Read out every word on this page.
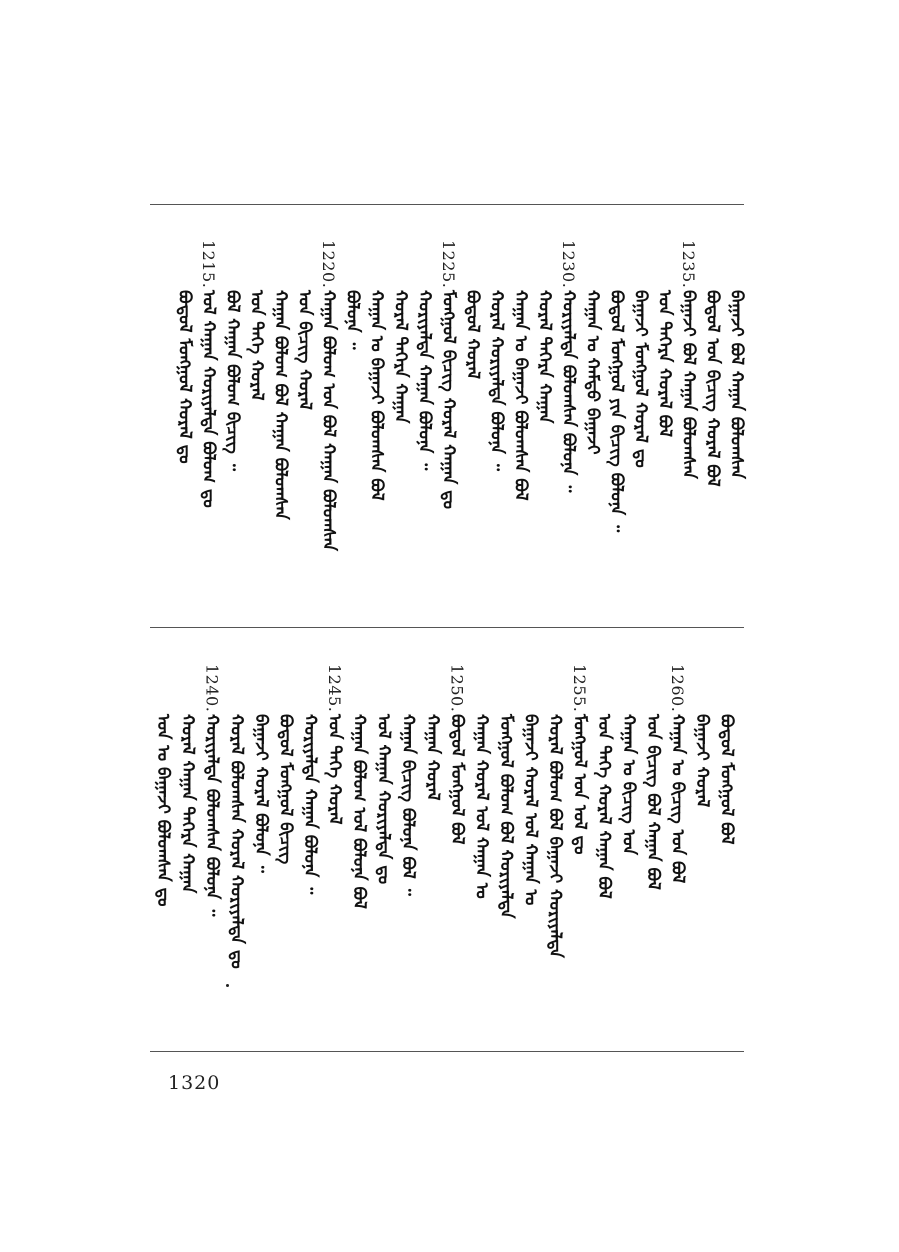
ᠪᠠᠭᠠᠵᠢ ᠪᠣᠯ ᠬᠠᠭᠠᠨ ᠪᠣᠯᠤᠭᠰᠠᠨ
ᠪᠣᠳᠣᠯ ᠤᠨ ᠪᠢᠴᠢᠭ ᠬᠤᠷᠠᠯ ᠪᠣᠯ
1235.
ᠪᠠᠭᠠᠵᠢ ᠪᠣᠯ ᠬᠠᠭᠠᠨ ᠪᠣᠯᠤᠭᠰᠠᠨ
ᠤᠨ ᠳᠡᠭᠡᠷᠡ ᠬᠤᠷᠠᠯ ᠪᠣᠯ
ᠪᠠᠭᠠᠵᠢ ᠮᠣᠩᠭᠣᠯ ᠬᠤᠷᠠᠯ ᠳᠤ
ᠪᠣᠳᠣᠯ ᠮᠣᠩᠭᠣᠯ ᠶᠢᠨ ᠪᠢᠴᠢᠭ ᠪᠣᠯᠤᠨᠠ ᠃
ᠬᠠᠭᠠᠨ ᠤ ᠬᠠᠮᠲᠤ ᠪᠠᠭᠠᠵᠢ
1230.
ᠬᠤᠷᠢᠶᠠᠯᠲᠠ ᠪᠣᠯᠤᠭᠰᠠᠨ ᠪᠣᠯᠤᠨᠠ ᠃
ᠬᠤᠷᠠᠯ ᠳᠡᠭᠡᠷᠡ ᠬᠠᠭᠠᠨ
ᠬᠠᠭᠠᠨ ᠤ ᠪᠠᠭᠠᠵᠢ ᠪᠣᠯᠤᠭᠰᠠᠨ ᠪᠣᠯ
ᠬᠤᠷᠠᠯ ᠬᠤᠷᠢᠶᠠᠯᠲᠠ ᠪᠣᠯᠤᠨᠠ ᠃
ᠪᠣᠳᠣᠯ ᠬᠤᠷᠠᠯ
1225.
ᠮᠣᠩᠭᠣᠯ ᠪᠢᠴᠢᠭ ᠬᠤᠷᠠᠯ ᠬᠠᠭᠠᠨ ᠳᠤ
ᠬᠤᠷᠢᠶᠠᠯᠲᠠ ᠬᠠᠭᠠᠨ ᠪᠣᠯᠤᠨᠠ ᠃
ᠬᠤᠷᠠᠯ ᠳᠡᠭᠡᠷᠡ ᠬᠠᠭᠠᠨ
ᠬᠠᠭᠠᠨ ᠤ ᠪᠠᠭᠠᠵᠢ ᠪᠣᠯᠤᠭᠰᠠᠨ ᠪᠣᠯ
ᠪᠣᠯᠤᠨᠠ ᠃
1220.
ᠬᠠᠭᠠᠨ ᠪᠣᠯᠤᠭ ᠤᠨ ᠪᠣᠯ ᠬᠠᠭᠠᠨ ᠪᠣᠯᠤᠭᠰᠠᠨ
ᠤᠨ ᠪᠢᠴᠢᠭ ᠬᠤᠷᠠᠯ
ᠬᠠᠭᠠᠨ ᠪᠣᠯᠤᠭ ᠪᠣᠯ ᠬᠠᠭᠠᠨ ᠪᠣᠯᠤᠭᠰᠠᠨ
ᠤᠨ ᠳᠡᠭᠡ ᠬᠤᠷᠠᠯ
ᠪᠣᠯ ᠬᠠᠭᠠᠨ ᠪᠣᠯᠤᠭ ᠪᠢᠴᠢᠭ ᠃
1215.
ᠤᠯ ᠬᠠᠭᠠᠨ ᠬᠤᠷᠢᠶᠠᠯᠲᠠ ᠪᠣᠯᠤᠭ ᠳᠤ
ᠪᠣᠳᠣᠯ ᠮᠣᠩᠭᠣᠯ ᠬᠤᠷᠠᠯ ᠳᠤ
ᠪᠣᠳᠣᠯ ᠮᠣᠩᠭᠣᠯ ᠪᠣᠯ
ᠪᠠᠭᠠᠵᠢ ᠬᠤᠷᠠᠯ
1260.
ᠬᠠᠭᠠᠨ ᠤ ᠪᠢᠴᠢᠭ ᠤᠨ ᠪᠣᠯ
ᠤᠨ ᠪᠢᠴᠢᠭ ᠪᠣᠯ ᠬᠠᠭᠠᠨ ᠪᠣᠯ
ᠬᠠᠭᠠᠨ ᠤ ᠪᠢᠴᠢᠭ ᠤᠨ
ᠤᠨ ᠳᠡᠭᠡ ᠬᠤᠷᠠᠯ ᠬᠠᠭᠠᠨ ᠪᠣᠯ
1255.
ᠮᠣᠩᠭᠣᠯ ᠤᠨ ᠤᠯ ᠳᠤ
ᠬᠤᠷᠠᠯ ᠪᠣᠯᠤᠭ ᠪᠣᠯ ᠪᠠᠭᠠᠵᠢ ᠬᠤᠷᠢᠶᠠᠯᠲᠠ
ᠪᠠᠭᠠᠵᠢ ᠬᠤᠷᠠᠯ ᠤᠯ ᠬᠠᠭᠠᠨ ᠣ
ᠮᠣᠩᠭᠣᠯ ᠪᠣᠯᠤᠭ ᠪᠣᠯ ᠬᠤᠷᠢᠶᠠᠯᠲᠠ
ᠬᠠᠭᠠᠨ ᠬᠤᠷᠠᠯ ᠤᠯ ᠬᠠᠭᠠᠨ ᠣ
1250.
ᠪᠣᠳᠣᠯ ᠮᠣᠩᠭᠣᠯ ᠪᠣᠯ
ᠬᠠᠭᠠᠨ ᠬᠤᠷᠠᠯ
ᠬᠠᠭᠠᠨ ᠪᠢᠴᠢᠭ ᠪᠣᠯᠤᠨᠠ ᠪᠣᠯ ᠃
ᠤᠯ ᠬᠠᠭᠠᠨ ᠬᠤᠷᠢᠶᠠᠯᠲᠠ ᠳᠤ
ᠬᠠᠭᠠᠨ ᠪᠣᠯᠤᠭ ᠤᠯ ᠪᠣᠯᠤᠨᠠ ᠪᠣᠯ
1245.
ᠤᠨ ᠳᠡᠭᠡ ᠬᠤᠷᠠᠯ
ᠬᠤᠷᠢᠶᠠᠯᠲᠠ ᠬᠠᠭᠠᠨ ᠪᠣᠯᠤᠨᠠ ᠃
ᠪᠣᠳᠣᠯ ᠮᠣᠩᠭᠣᠯ ᠪᠢᠴᠢᠭ
ᠪᠠᠭᠠᠵᠢ ᠬᠤᠷᠠᠯ ᠪᠣᠯᠤᠨᠠ ᠃
ᠬᠤᠷᠠᠯ ᠪᠣᠯᠤᠭᠰᠠᠨ ᠬᠤᠷᠠᠯ ᠬᠤᠷᠢᠶᠠᠯᠲᠠ ᠳᠤ
1240.
ᠬᠤᠷᠢᠶᠠᠯᠲᠠ ᠪᠣᠯᠤᠭᠰᠠᠨ ᠪᠣᠯᠤᠨᠠ ᠃
ᠬᠤᠷᠠᠯ ᠬᠠᠭᠠᠨ ᠳᠡᠭᠡᠷᠡ ᠬᠠᠭᠠᠨ
ᠤᠨ ᠤ ᠪᠠᠭᠠᠵᠢ ᠪᠣᠯᠤᠭᠰᠠᠨ ᠳᠤ
1320
